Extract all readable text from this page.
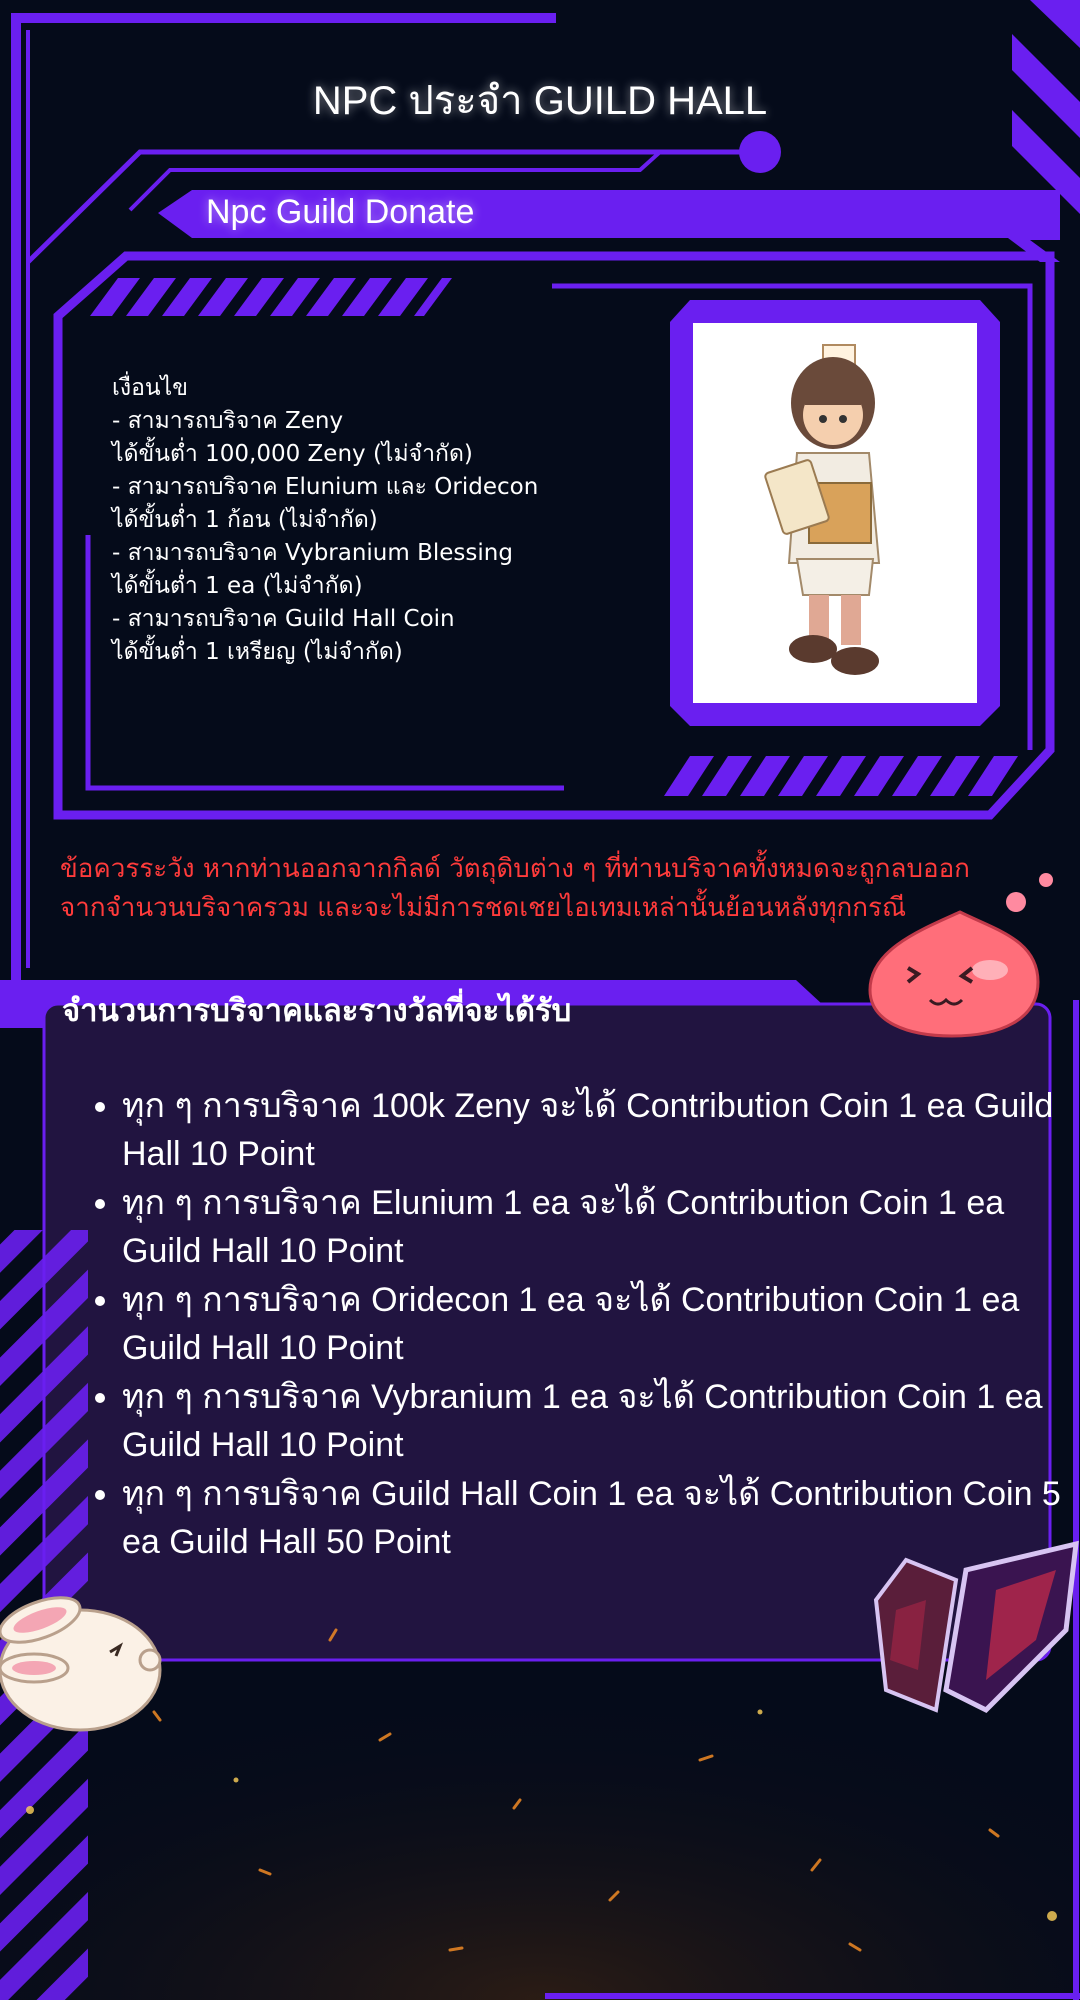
NPC ประจำ GUILD HALL
Npc Guild Donate
เงื่อนไข
- สามารถบริจาค Zeny
ได้ขั้นต่ำ 100,000 Zeny (ไม่จำกัด)
- สามารถบริจาค Elunium และ Oridecon
ได้ขั้นต่ำ 1 ก้อน (ไม่จำกัด)
- สามารถบริจาค Vybranium Blessing
ได้ขั้นต่ำ 1 ea (ไม่จำกัด)
- สามารถบริจาค Guild Hall Coin
ได้ขั้นต่ำ 1 เหรียญ (ไม่จำกัด)
ข้อควรระวัง หากท่านออกจากกิลด์ วัตถุดิบต่าง ๆ ที่ท่านบริจาคทั้งหมดจะถูกลบออก
จากจำนวนบริจาครวม และจะไม่มีการชดเชยไอเทมเหล่านั้นย้อนหลังทุกกรณี
จำนวนการบริจาคและรางวัลที่จะได้รับ
• ทุก ๆ การบริจาค 100k Zeny จะได้ Contribution Coin 1 ea Guild Hall 10 Point
• ทุก ๆ การบริจาค Elunium 1 ea จะได้ Contribution Coin 1 ea Guild Hall 10 Point
• ทุก ๆ การบริจาค Oridecon 1 ea จะได้ Contribution Coin 1 ea Guild Hall 10 Point
• ทุก ๆ การบริจาค Vybranium 1 ea จะได้ Contribution Coin 1 ea Guild Hall 10 Point
• ทุก ๆ การบริจาค Guild Hall Coin 1 ea จะได้ Contribution Coin 5 ea Guild Hall 50 Point
